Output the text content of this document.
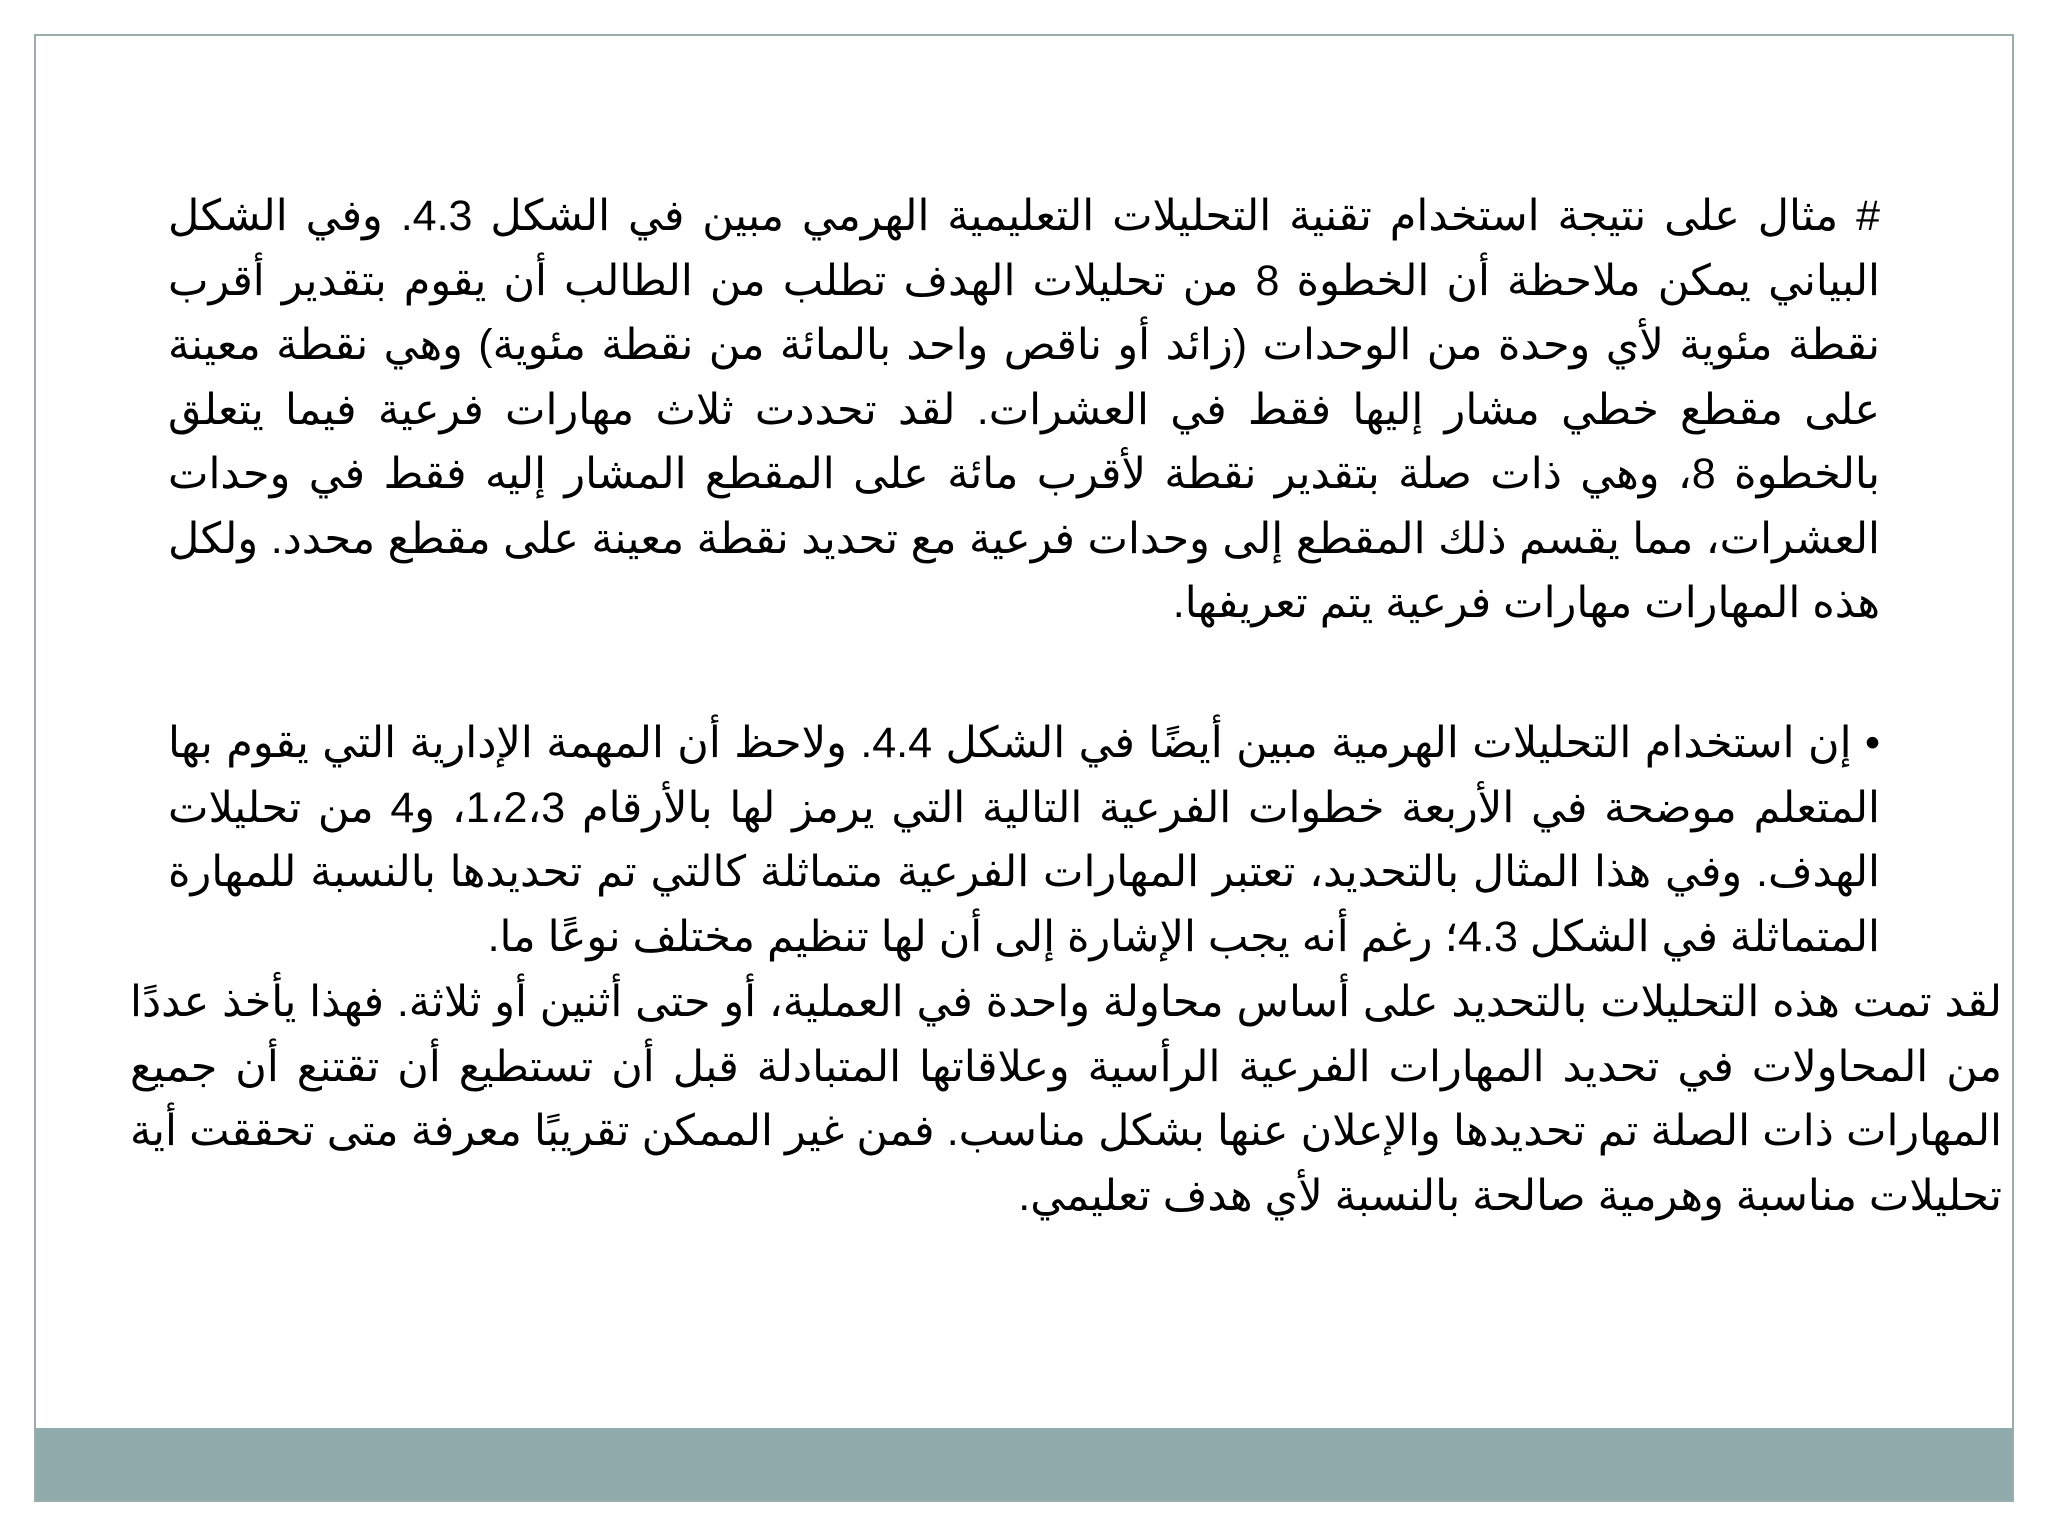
# مثال على نتيجة استخدام تقنية التحليلات التعليمية الهرمي مبين في الشكل 4.3. وفي الشكل البياني يمكن ملاحظة أن الخطوة 8 من تحليلات الهدف تطلب من الطالب أن يقوم بتقدير أقرب نقطة مئوية لأي وحدة من الوحدات (زائد أو ناقص واحد بالمائة من نقطة مئوية) وهي نقطة معينة على مقطع خطي مشار إليها فقط في العشرات. لقد تحددت ثلاث مهارات فرعية فيما يتعلق بالخطوة 8، وهي ذات صلة بتقدير نقطة لأقرب مائة على المقطع المشار إليه فقط في وحدات العشرات، مما يقسم ذلك المقطع إلى وحدات فرعية مع تحديد نقطة معينة على مقطع محدد. ولكل هذه المهارات مهارات فرعية يتم تعريفها.

• إن استخدام التحليلات الهرمية مبين أيضًا في الشكل 4.4. ولاحظ أن المهمة الإدارية التي يقوم بها المتعلم موضحة في الأربعة خطوات الفرعية التالية التي يرمز لها بالأرقام 1،2،3، و4 من تحليلات الهدف. وفي هذا المثال بالتحديد، تعتبر المهارات الفرعية متماثلة كالتي تم تحديدها بالنسبة للمهارة المتماثلة في الشكل 4.3؛ رغم أنه يجب الإشارة إلى أن لها تنظيم مختلف نوعًا ما.

لقد تمت هذه التحليلات بالتحديد على أساس محاولة واحدة في العملية، أو حتى أثنين أو ثلاثة. فهذا يأخذ عددًا من المحاولات في تحديد المهارات الفرعية الرأسية وعلاقاتها المتبادلة قبل أن تستطيع أن تقتنع أن جميع المهارات ذات الصلة تم تحديدها والإعلان عنها بشكل مناسب. فمن غير الممكن تقريبًا معرفة متى تحققت أية تحليلات مناسبة وهرمية صالحة بالنسبة لأي هدف تعليمي.
